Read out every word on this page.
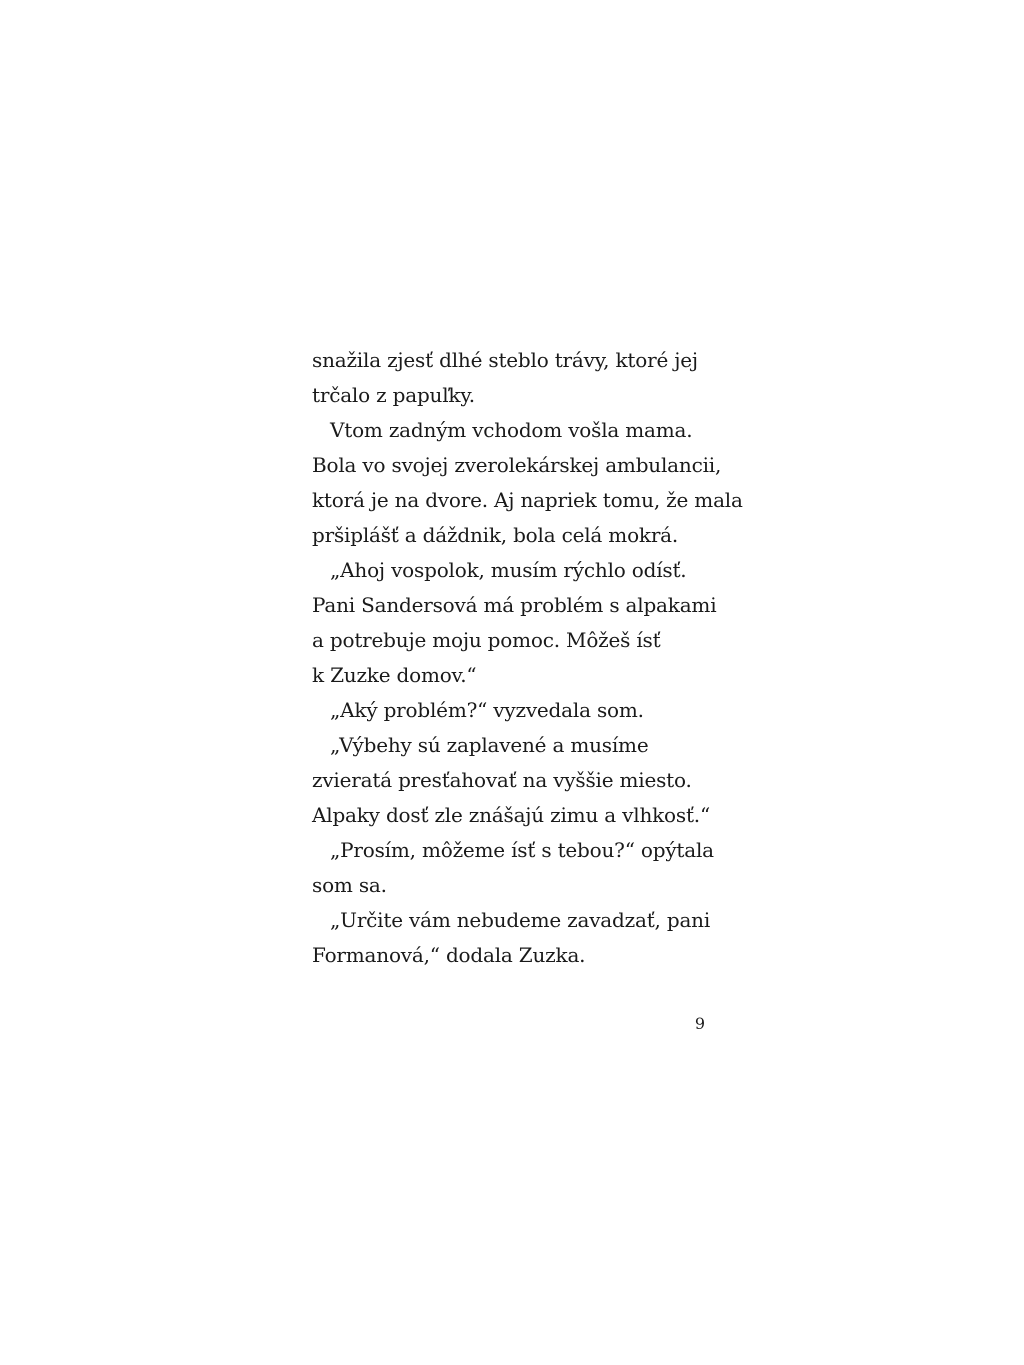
snažila zjesť dlhé steblo trávy, ktoré jej
trčalo z papuľky.
Vtom zadným vchodom vošla mama.
Bola vo svojej zverolekárskej ambulancii,
ktorá je na dvore. Aj napriek tomu, že mala
pršiplášť a dáždnik, bola celá mokrá.
„Ahoj vospolok, musím rýchlo odísť.
Pani Sandersová má problém s alpakami
a potrebuje moju pomoc. Môžeš ísť
k Zuzke domov.“
„Aký problém?“ vyzvedala som.
„Výbehy sú zaplavené a musíme
zvieratá presťahovať na vyššie miesto.
Alpaky dosť zle znášajú zimu a vlhkosť.“
„Prosím, môžeme ísť s tebou?“ opýtala
som sa.
„Určite vám nebudeme zavadzať, pani
Formanová,“ dodala Zuzka.
9
